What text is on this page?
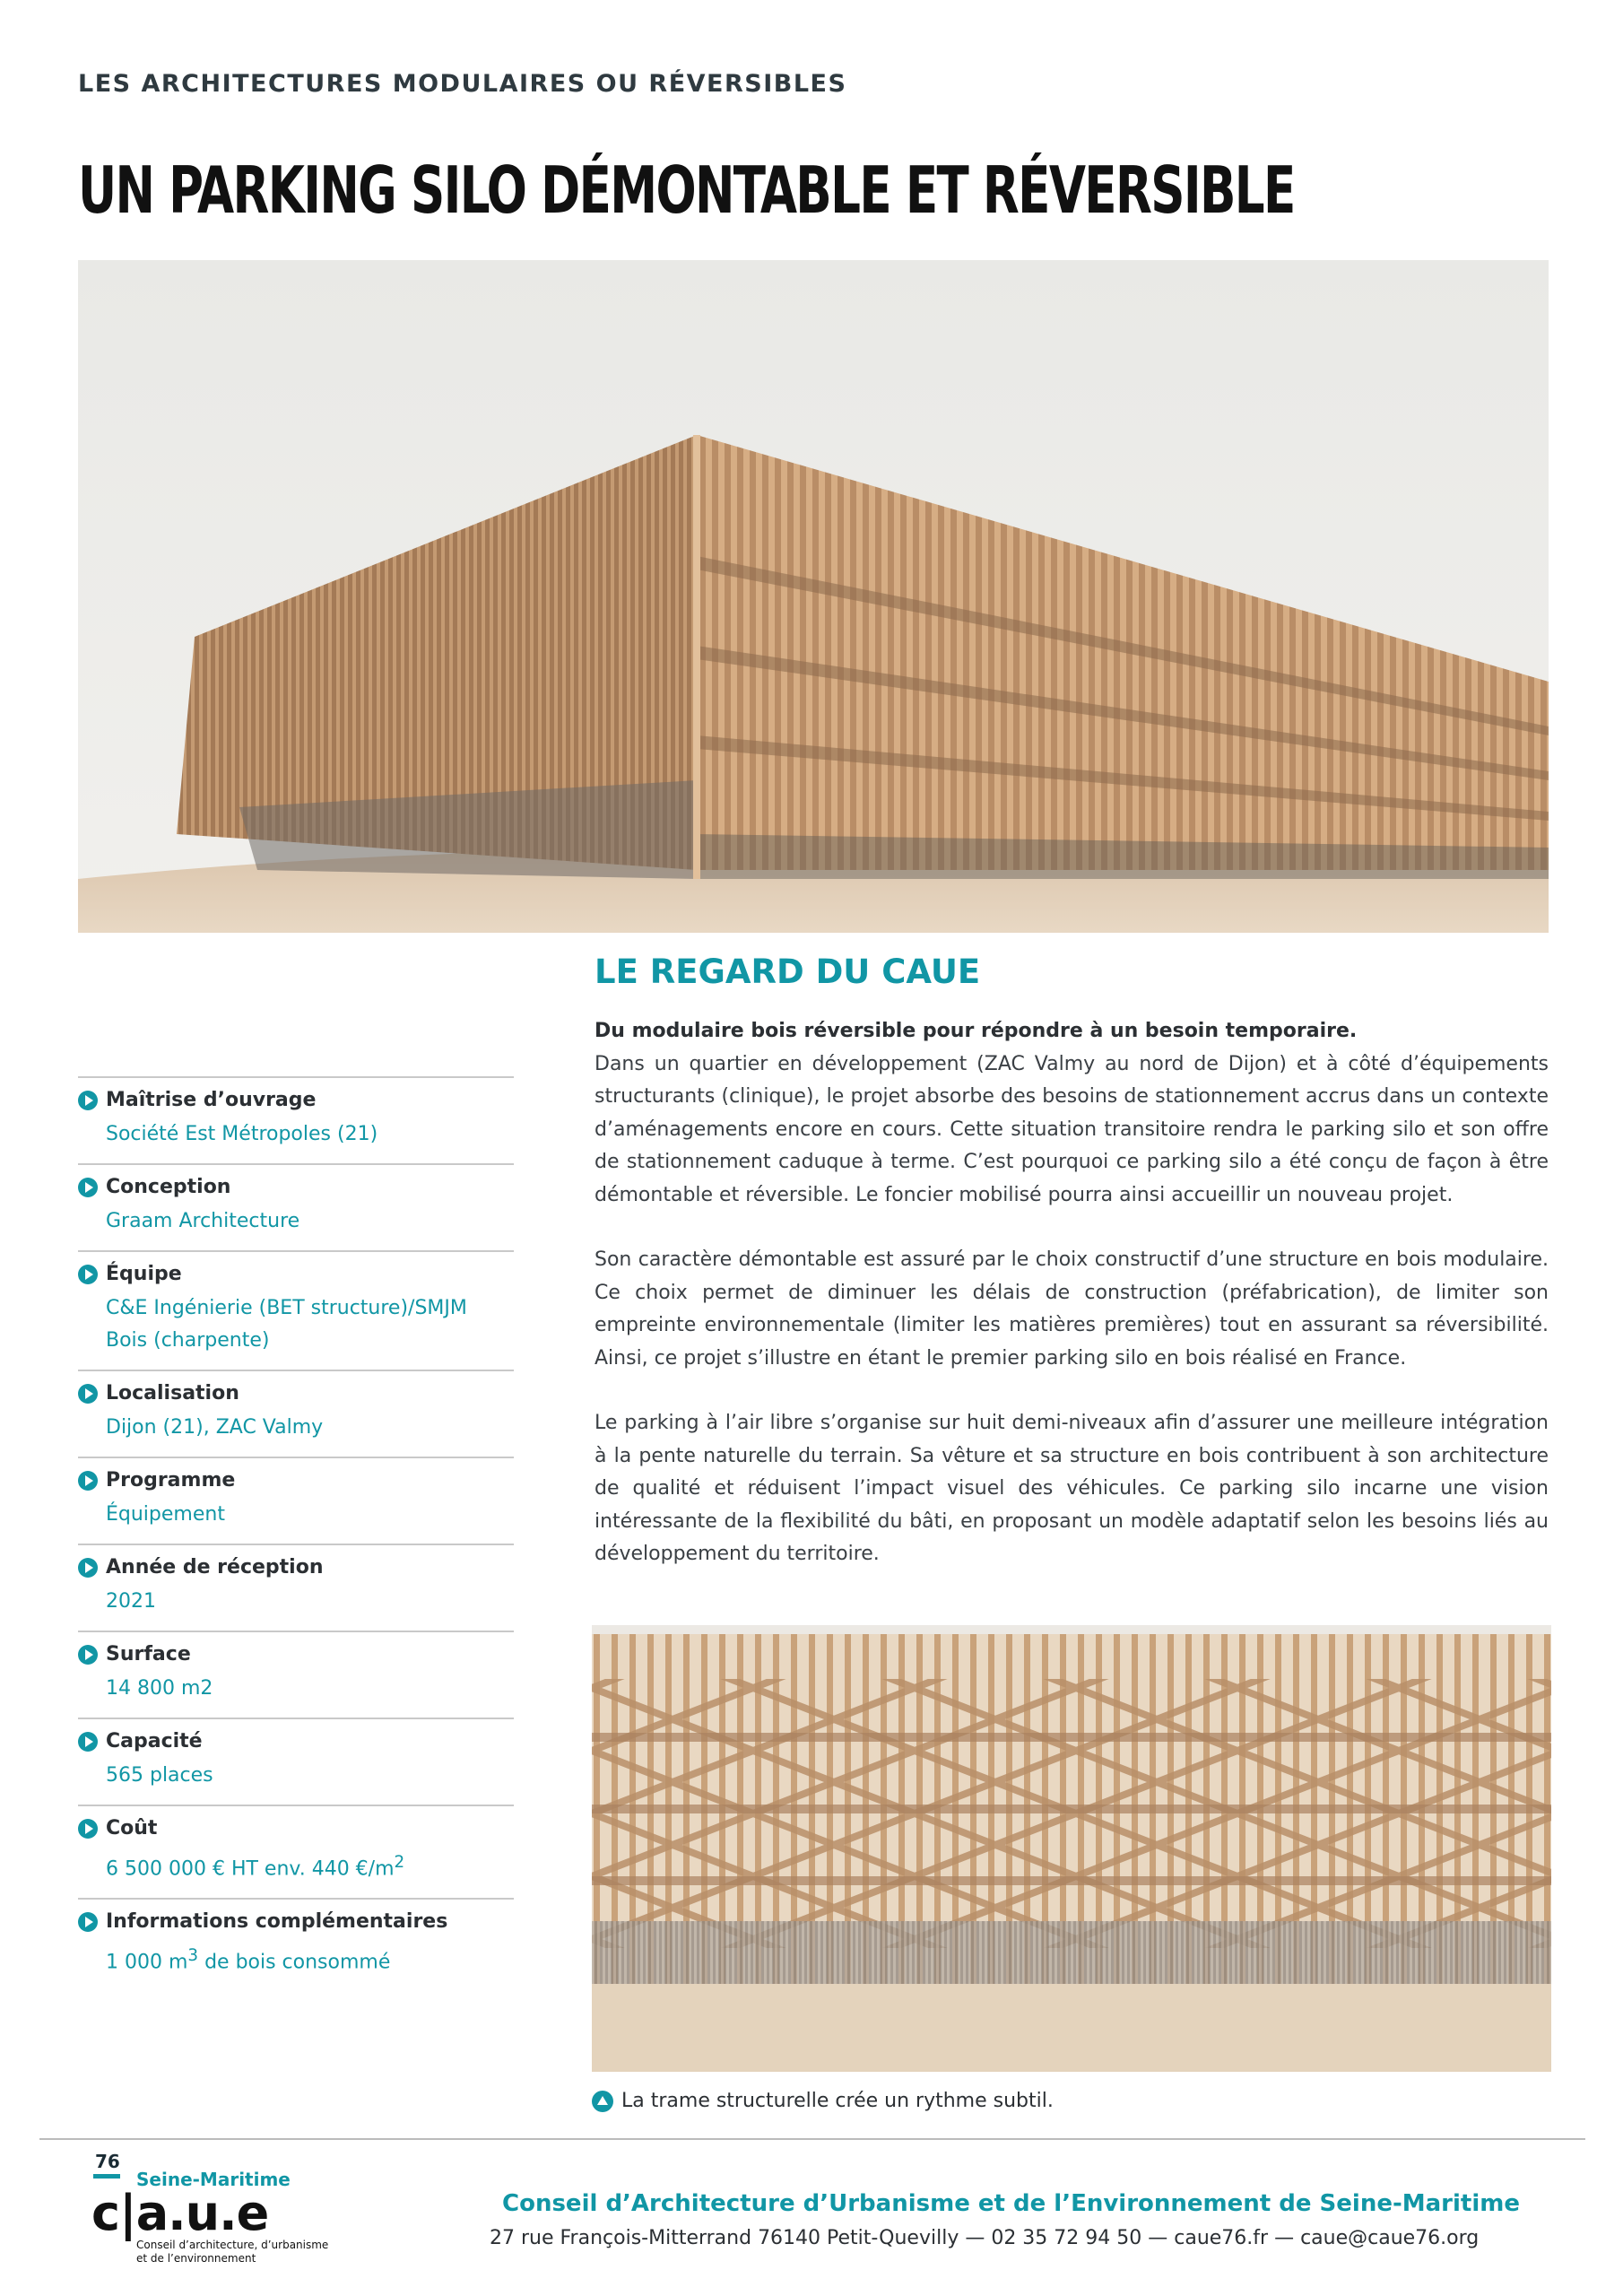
LES ARCHITECTURES MODULAIRES OU RÉVERSIBLES
UN PARKING SILO DÉMONTABLE ET RÉVERSIBLE
Maîtrise d’ouvrage
Société Est Métropoles (21)
Conception
Graam Architecture
Équipe
C&E Ingénierie (BET structure)/SMJM Bois (charpente)
Localisation
Dijon (21), ZAC Valmy
Programme
Équipement
Année de réception
2021
Surface
14 800 m2
Capacité
565 places
Coût
6 500 000 € HT env. 440 $€/m^2$
Informations complémentaires
1 000 $m^3$ de bois consommé
LE REGARD DU CAUE

Du modulaire bois réversible pour répondre à un besoin temporaire.
Dans un quartier en développement (ZAC Valmy au nord de Dijon) et à côté d’équipements structurants (clinique), le projet absorbe des besoins de stationnement accrus dans un contexte d’aménagements encore en cours. Cette situation transitoire rendra le parking silo et son offre de stationnement caduque à terme. C’est pourquoi ce parking silo a été conçu de façon à être démontable et réversible. Le foncier mobilisé pourra ainsi accueillir un nouveau projet.

Son caractère démontable est assuré par le choix constructif d’une structure en bois modulaire. Ce choix permet de diminuer les délais de construction (préfabrication), de limiter son empreinte environnementale (limiter les matières premières) tout en assurant sa réversibilité. Ainsi, ce projet s’illustre en étant le premier parking silo en bois réalisé en France.

Le parking à l’air libre s’organise sur huit demi-niveaux afin d’assurer une meilleure intégration à la pente naturelle du terrain. Sa vêture et sa structure en bois contribuent à son architecture de qualité et réduisent l’impact visuel des véhicules. Ce parking silo incarne une vision intéressante de la flexibilité du bâti, en proposant un modèle adaptatif selon les besoins liés au développement du territoire.

La trame structurelle crée un rythme subtil.
76
Seine-Maritime
c|a.u.e
Conseil d’architecture, d’urbanisme et de l’environnement
Conseil d’Architecture d’Urbanisme et de l’Environnement de Seine-Maritime
27 rue François-Mitterrand 76140 Petit-Quevilly — 02 35 72 94 50 — caue76.fr — caue@caue76.org
